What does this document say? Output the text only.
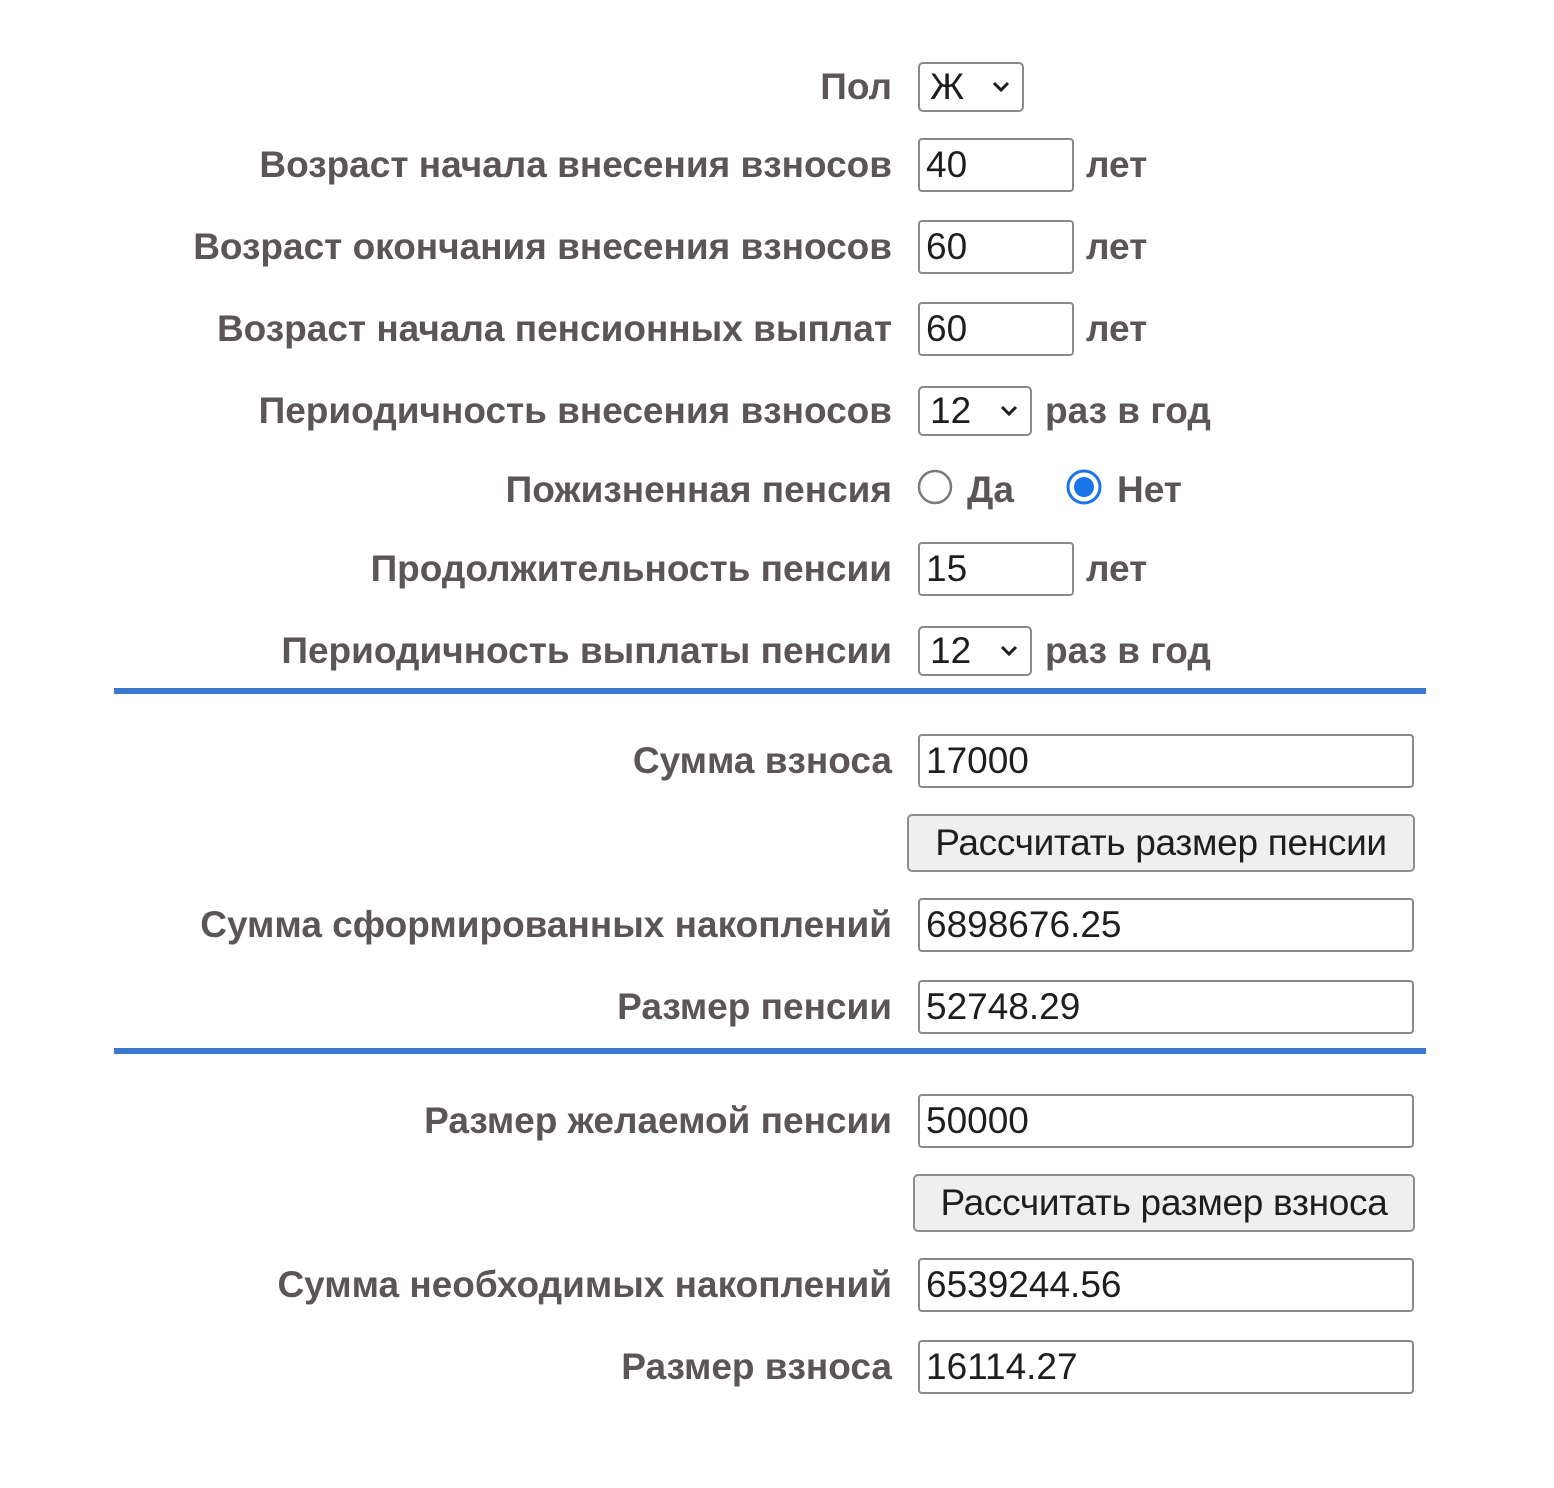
Пол	Ж
Возраст начала внесения взносов 40	лет
Возраст окончания внесения взносов 60	лет
Возраст начала пенсионных выплат 60	лет
Периодичность внесения взносов	12	раз в год
Пожизненная пенсия Да	Нет
Продолжительность пенсии 15	лет
Периодичность выплаты пенсии	12	раз в год
Сумма взноса 17000
Рассчитать размер пенсии
Сумма сформированных накоплений 6898676.25
Размер пенсии 52748.29
Размер желаемой пенсии 50000
Рассчитать размер взноса
Сумма необходимых накоплений 6539244.56
Размер взноса 16114.27
